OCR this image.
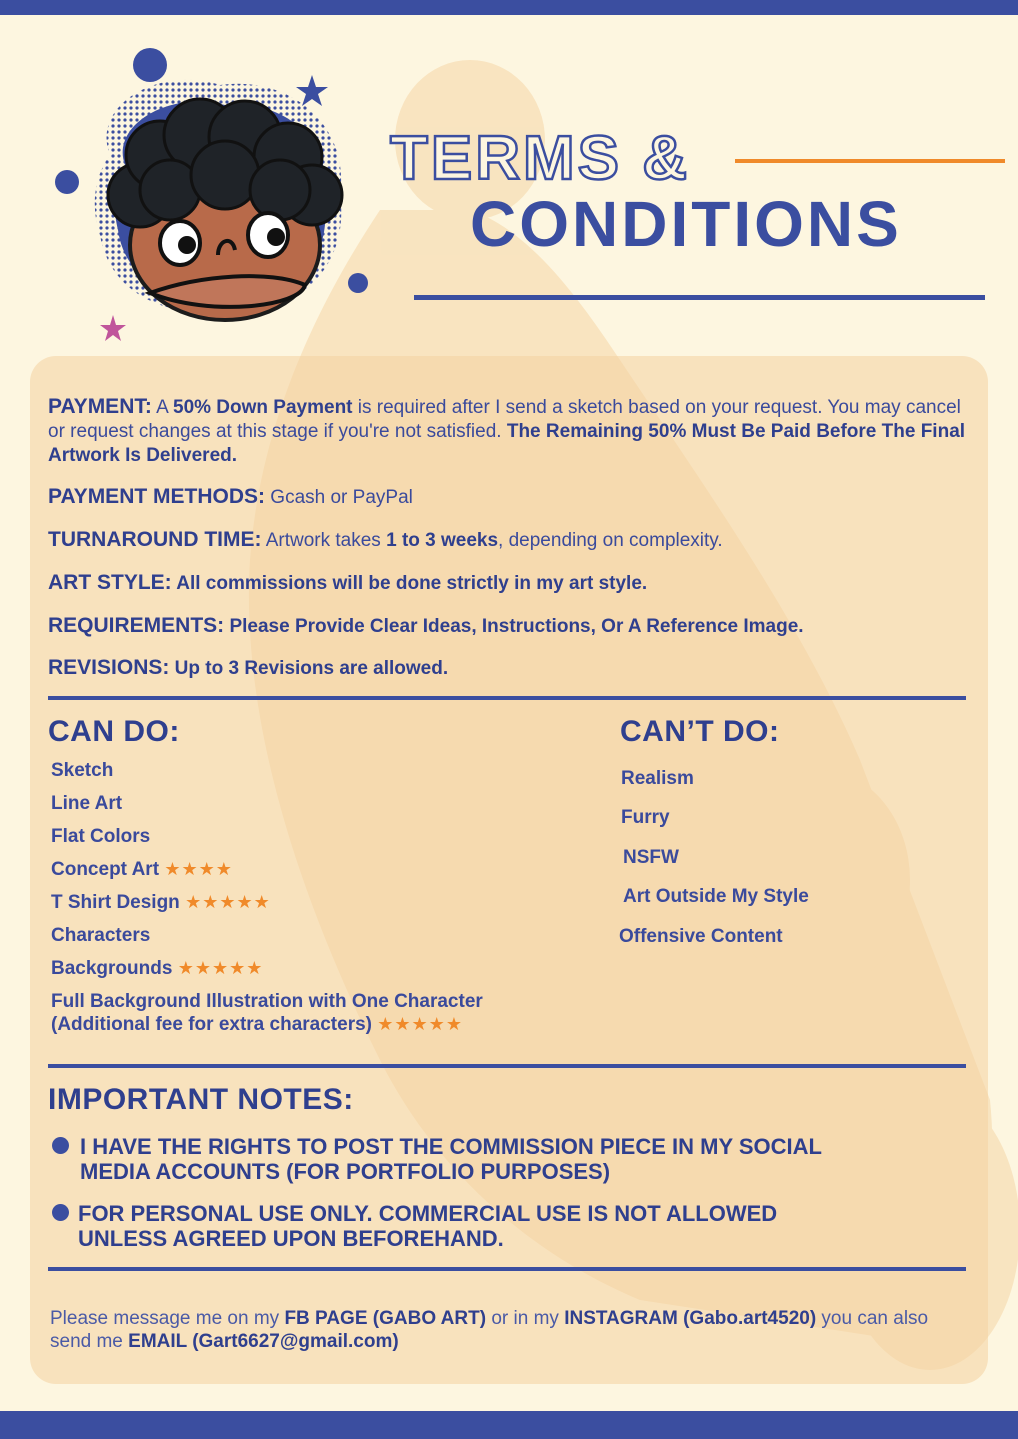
TERMS &
CONDITIONS
PAYMENT: A 50% Down Payment is required after I send a sketch based on your request. You may cancel or request changes at this stage if you're not satisfied. The Remaining 50% Must Be Paid Before The Final Artwork Is Delivered.
PAYMENT METHODS: Gcash or PayPal
TURNAROUND TIME: Artwork takes 1 to 3 weeks, depending on complexity.
ART STYLE: All commissions will be done strictly in my art style.
REQUIREMENTS: Please Provide Clear Ideas, Instructions, Or A Reference Image.
REVISIONS: Up to 3 Revisions are allowed.
CAN DO:
Sketch
Line Art
Flat Colors
Concept Art ★★★★
T Shirt Design ★★★★★
Characters
Backgrounds ★★★★★
Full Background Illustration with One Character
(Additional fee for extra characters) ★★★★★
CAN’T DO:
Realism
Furry
NSFW
Art Outside My Style
Offensive Content
IMPORTANT NOTES:
I HAVE THE RIGHTS TO POST THE COMMISSION PIECE IN MY SOCIAL MEDIA ACCOUNTS (FOR PORTFOLIO PURPOSES)
FOR PERSONAL USE ONLY. COMMERCIAL USE IS NOT ALLOWED UNLESS AGREED UPON BEFOREHAND.
Please message me on my FB PAGE (GABO ART) or in my INSTAGRAM (Gabo.art4520) you can also send me EMAIL (Gart6627@gmail.com)
